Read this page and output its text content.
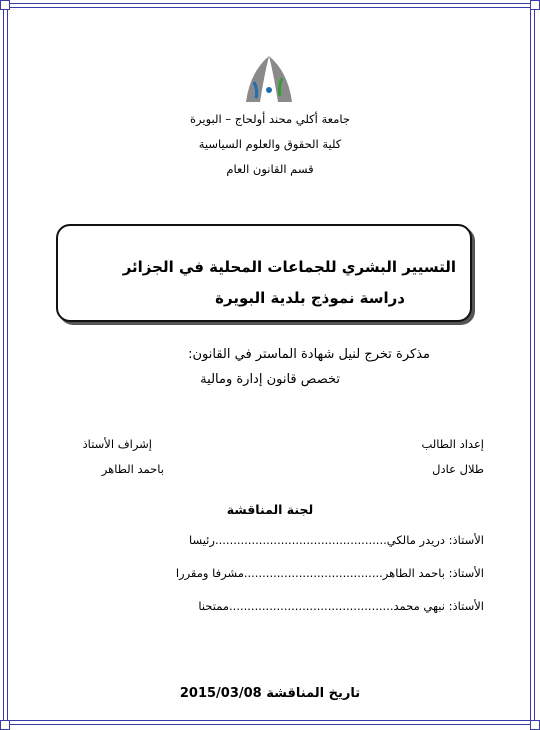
جامعة أكلي محند أولحاج – البويرة
كلية الحقوق والعلوم السياسية
قسم القانون العام
التسيير البشري للجماعات المحلية في الجزائر
دراسة نموذج بلدية البويرة
مذكرة تخرج لنيل شهادة الماستر في القانون:
تخصص قانون إدارة ومالية
إعداد الطالب
طلال عادل
إشراف الأستاذ
باحمد الطاهر
لجنة المناقشة
الأستاذ: دريدر مالكي...............................................رئيسا
الأستاذ: باحمد الطاهر......................................مشرفا ومقررا
الأستاذ: نبهي محمد.............................................ممتحنا
تاريخ المناقشة 2015/03/08
